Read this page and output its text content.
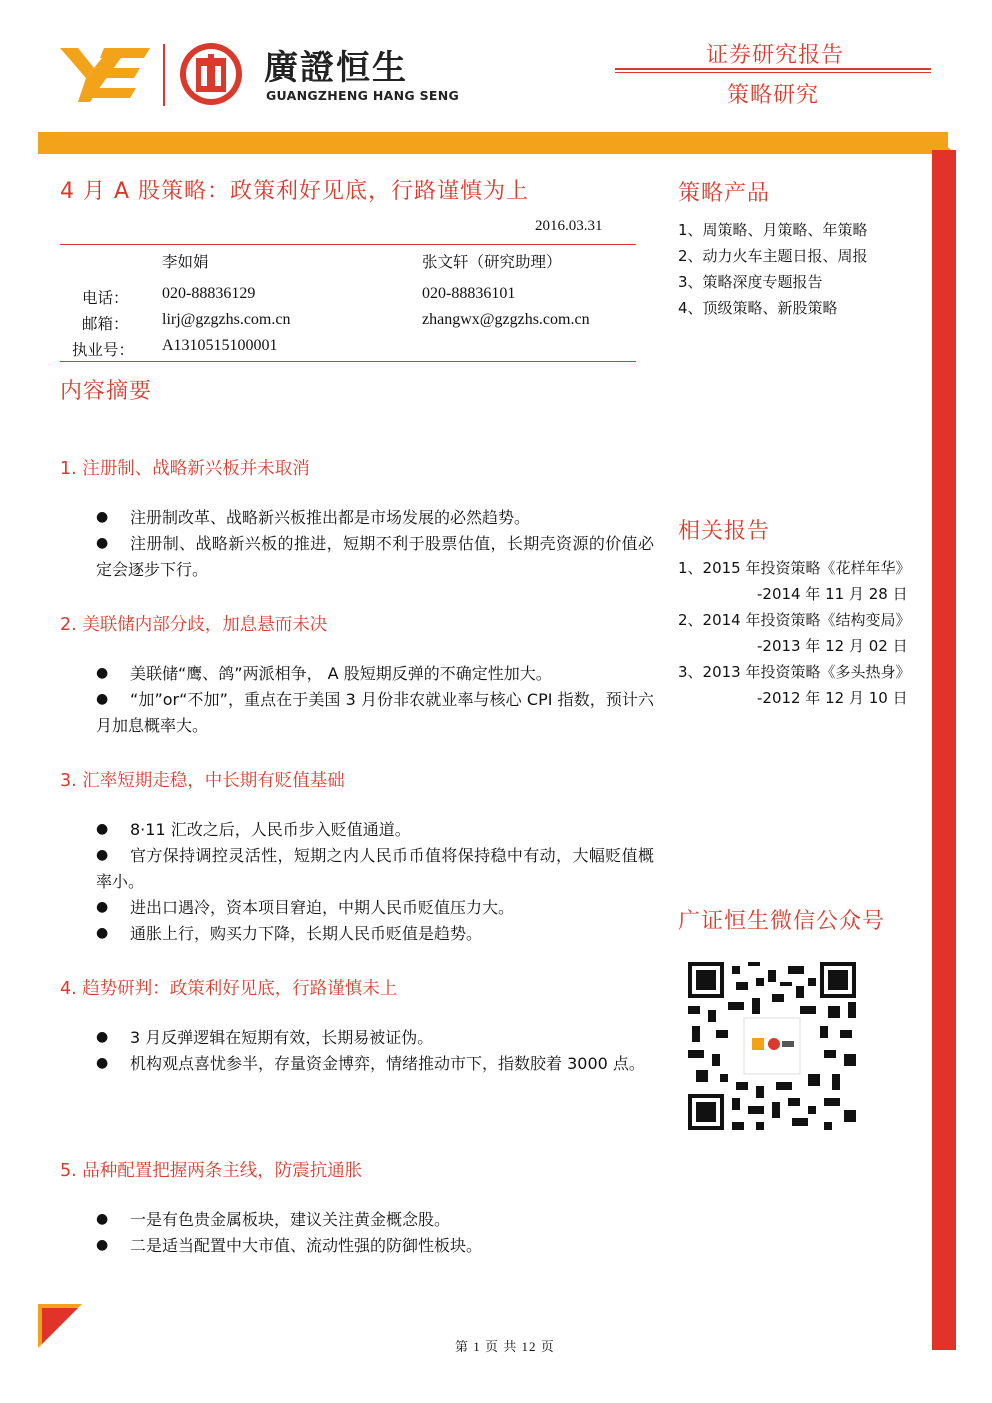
廣證恒生
GUANGZHENG HANG SENG
证券研究报告
策略研究
4 月 A 股策略：政策利好见底，行路谨慎为上
2016.03.31
李如娟	张文轩（研究助理）
电话： 020-88836129	020-88836101
邮箱： lirj@gzgzhs.com.cn	zhangwx@gzgzhs.com.cn
执业号： A1310515100001
内容摘要
1. 注册制、战略新兴板并未取消
● 注册制改革、战略新兴板推出都是市场发展的必然趋势。
●	注册制、战略新兴板的推进，短期不利于股票估值，长期壳资源的价值必定会逐步下行。
2. 美联储内部分歧，加息悬而未决
● 美联储“鹰、鸽”两派相争， A 股短期反弹的不确定性加大。
●	“加”or“不加”，重点在于美国 3 月份非农就业率与核心 CPI 指数，预计六月加息概率大。
3. 汇率短期走稳，中长期有贬值基础
● 8·11 汇改之后，人民币步入贬值通道。
●	官方保持调控灵活性，短期之内人民币币值将保持稳中有动，大幅贬值概率小。
● 进出口遇冷，资本项目窘迫，中期人民币贬值压力大。
● 通胀上行，购买力下降，长期人民币贬值是趋势。
4. 趋势研判：政策利好见底，行路谨慎未上
● 3 月反弹逻辑在短期有效，长期易被证伪。
●	机构观点喜忧参半，存量资金博弈，情绪推动市下，指数胶着 3000 点。
5. 品种配置把握两条主线，防震抗通胀
● 一是有色贵金属板块，建议关注黄金概念股。
● 二是适当配置中大市值、流动性强的防御性板块。
策略产品
1、周策略、月策略、年策略
2、动力火车主题日报、周报
3、策略深度专题报告
4、顶级策略、新股策略
相关报告
1、2015 年投资策略《花样年华》
-2014 年 11 月 28 日
2、2014 年投资策略《结构变局》
-2013 年 12 月 02 日
3、2013 年投资策略《多头热身》
-2012 年 12 月 10 日
广证恒生微信公众号
第 1 页 共 12 页
